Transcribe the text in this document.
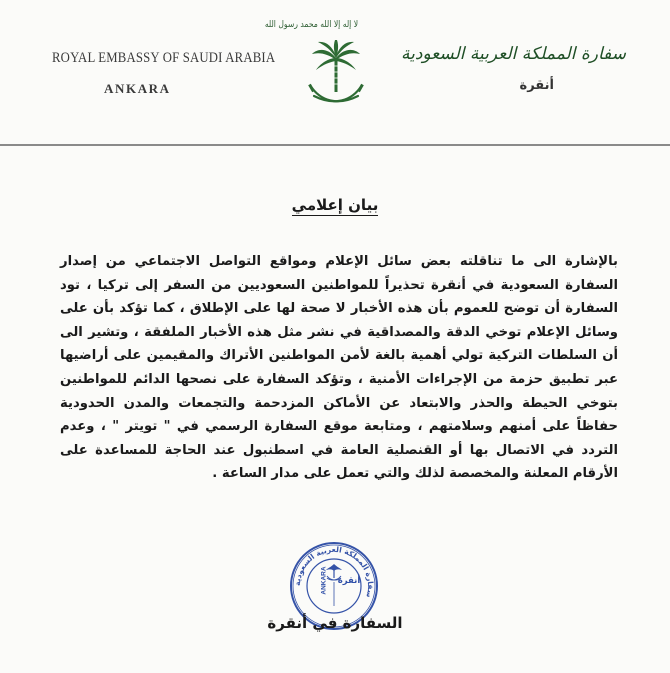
ROYAL EMBASSY OF SAUDI ARABIA
ANKARA
لا إله إلا الله محمد رسول الله
سفارة المملكة العربية السعودية
أنقرة
بيان إعلامي
بالإشارة الى ما تناقلته بعض سائل الإعلام ومواقع التواصل الاجتماعي من إصدار السفارة السعودية في أنقرة تحذيراً للمواطنين السعوديين من السفر إلى تركيا ، تود السفارة أن توضح للعموم بأن هذه الأخبار لا صحة لها على الإطلاق ، كما تؤكد بأن على وسائل الإعلام توخي الدقة والمصداقية في نشر مثل هذه الأخبار الملفقة ، وتشير الى أن السلطات التركية تولي أهمية بالغة لأمن المواطنين الأتراك والمقيمين على أراضيها عبر تطبيق حزمة من الإجراءات الأمنية ، وتؤكد السفارة على نصحها الدائم للمواطنين بتوخي الحيطة والحذر والابتعاد عن الأماكن المزدحمة والتجمعات والمدن الحدودية حفاظاً على أمنهم وسلامتهم ، ومتابعة موقع السفارة الرسمي في " تويتر " ، وعدم التردد في الاتصال بها أو القنصلية العامة في اسطنبول عند الحاجة للمساعدة على الأرقام المعلنة والمخصصة لذلك والتي تعمل على مدار الساعة .
سفارة المملكة العربية السعودية
ANKARA أنقرة
السفارة في أنقرة
